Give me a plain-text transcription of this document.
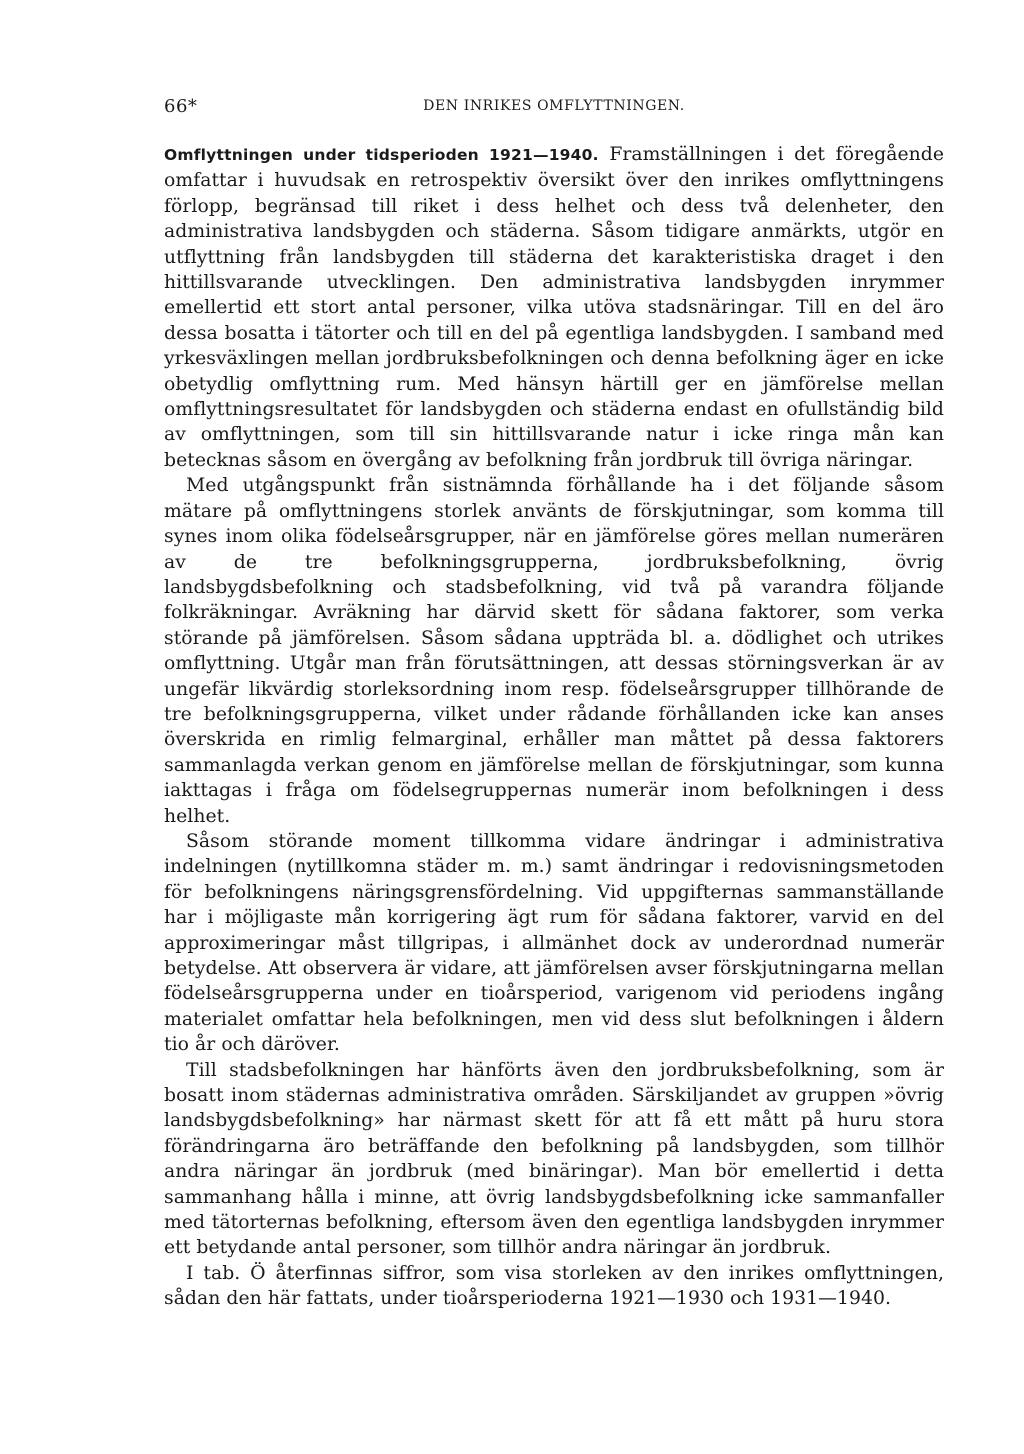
66*	DEN INRIKES OMFLYTTNINGEN.

Omflyttningen under tidsperioden 1921—1940. Framställningen i det föregående omfattar i huvudsak en retrospektiv översikt över den inrikes omflyttningens förlopp, begränsad till riket i dess helhet och dess två delenheter, den administrativa landsbygden och städerna. Såsom tidigare anmärkts, utgör en utflyttning från landsbygden till städerna det karakteristiska draget i den hittillsvarande utvecklingen. Den administrativa landsbygden inrymmer emellertid ett stort antal personer, vilka utöva stadsnäringar. Till en del äro dessa bosatta i tätorter och till en del på egentliga landsbygden. I samband med yrkesväxlingen mellan jordbruksbefolkningen och denna befolkning äger en icke obetydlig omflyttning rum. Med hänsyn härtill ger en jämförelse mellan omflyttningsresultatet för landsbygden och städerna endast en ofullständig bild av omflyttningen, som till sin hittillsvarande natur i icke ringa mån kan betecknas såsom en övergång av befolkning från jordbruk till övriga näringar.

Med utgångspunkt från sistnämnda förhållande ha i det följande såsom mätare på omflyttningens storlek använts de förskjutningar, som komma till synes inom olika födelseårsgrupper, när en jämförelse göres mellan numerären av de tre befolkningsgrupperna, jordbruksbefolkning, övrig landsbygdsbefolkning och stadsbefolkning, vid två på varandra följande folkräkningar. Avräkning har därvid skett för sådana faktorer, som verka störande på jämförelsen. Såsom sådana uppträda bl. a. dödlighet och utrikes omflyttning. Utgår man från förutsättningen, att dessas störningsverkan är av ungefär likvärdig storleksordning inom resp. födelseårsgrupper tillhörande de tre befolkningsgrupperna, vilket under rådande förhållanden icke kan anses överskrida en rimlig felmarginal, erhåller man måttet på dessa faktorers sammanlagda verkan genom en jämförelse mellan de förskjutningar, som kunna iakttagas i fråga om födelsegruppernas numerär inom befolkningen i dess helhet.

Såsom störande moment tillkomma vidare ändringar i administrativa indelningen (nytillkomna städer m. m.) samt ändringar i redovisningsmetoden för befolkningens näringsgrensfördelning. Vid uppgifternas sammanställande har i möjligaste mån korrigering ägt rum för sådana faktorer, varvid en del approximeringar måst tillgripas, i allmänhet dock av underordnad numerär betydelse. Att observera är vidare, att jämförelsen avser förskjutningarna mellan födelseårsgrupperna under en tioårsperiod, varigenom vid periodens ingång materialet omfattar hela befolkningen, men vid dess slut befolkningen i åldern tio år och däröver.

Till stadsbefolkningen har hänförts även den jordbruksbefolkning, som är bosatt inom städernas administrativa områden. Särskiljandet av gruppen »övrig landsbygdsbefolkning» har närmast skett för att få ett mått på huru stora förändringarna äro beträffande den befolkning på landsbygden, som tillhör andra näringar än jordbruk (med binäringar). Man bör emellertid i detta sammanhang hålla i minne, att övrig landsbygdsbefolkning icke sammanfaller med tätorternas befolkning, eftersom även den egentliga landsbygden inrymmer ett betydande antal personer, som tillhör andra näringar än jordbruk.

I tab. Ö återfinnas siffror, som visa storleken av den inrikes omflyttningen, sådan den här fattats, under tioårsperioderna 1921—1930 och 1931—1940.
